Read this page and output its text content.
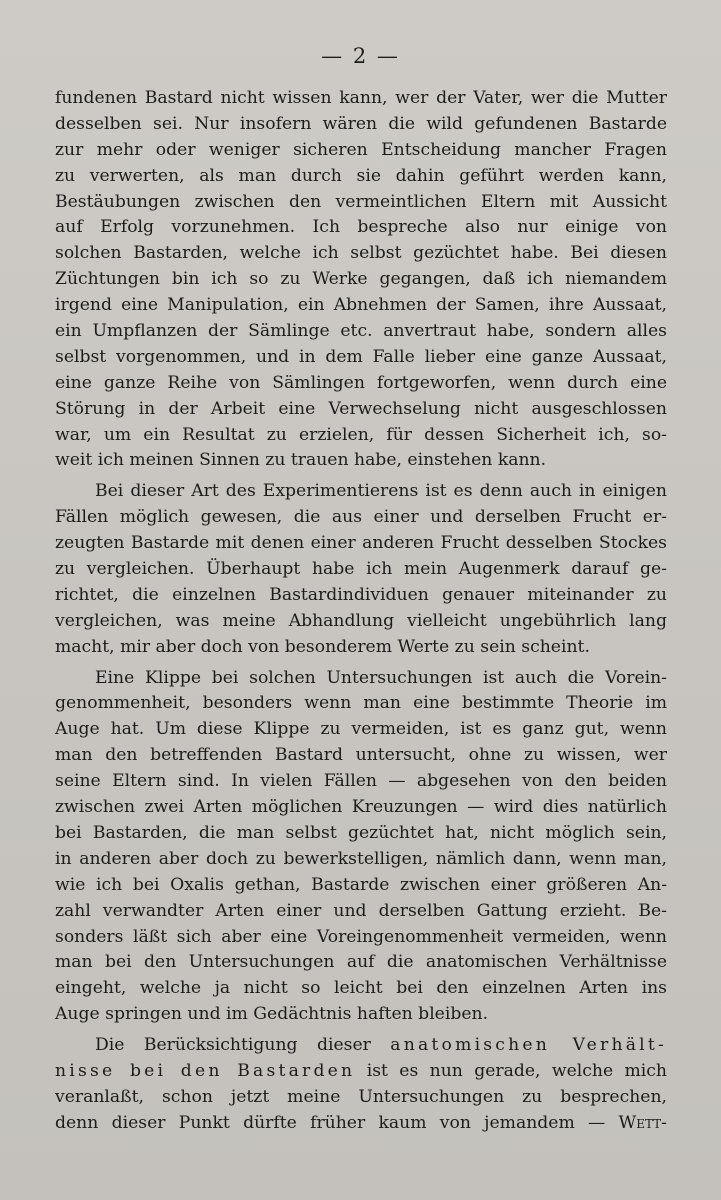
— 2 —
fundenen Bastard nicht wissen kann, wer der Vater, wer die Mutter
desselben sei. Nur insofern wären die wild gefundenen Bastarde
zur mehr oder weniger sicheren Entscheidung mancher Fragen
zu verwerten, als man durch sie dahin geführt werden kann,
Bestäubungen zwischen den vermeintlichen Eltern mit Aussicht
auf Erfolg vorzunehmen. Ich bespreche also nur einige von
solchen Bastarden, welche ich selbst gezüchtet habe. Bei diesen
Züchtungen bin ich so zu Werke gegangen, daß ich niemandem
irgend eine Manipulation, ein Abnehmen der Samen, ihre Aussaat,
ein Umpflanzen der Sämlinge etc. anvertraut habe, sondern alles
selbst vorgenommen, und in dem Falle lieber eine ganze Aussaat,
eine ganze Reihe von Sämlingen fortgeworfen, wenn durch eine
Störung in der Arbeit eine Verwechselung nicht ausgeschlossen
war, um ein Resultat zu erzielen, für dessen Sicherheit ich, so-
weit ich meinen Sinnen zu trauen habe, einstehen kann.
Bei dieser Art des Experimentierens ist es denn auch in einigen
Fällen möglich gewesen, die aus einer und derselben Frucht er-
zeugten Bastarde mit denen einer anderen Frucht desselben Stockes
zu vergleichen. Überhaupt habe ich mein Augenmerk darauf ge-
richtet, die einzelnen Bastardindividuen genauer miteinander zu
vergleichen, was meine Abhandlung vielleicht ungebührlich lang
macht, mir aber doch von besonderem Werte zu sein scheint.
Eine Klippe bei solchen Untersuchungen ist auch die Vorein-
genommenheit, besonders wenn man eine bestimmte Theorie im
Auge hat. Um diese Klippe zu vermeiden, ist es ganz gut, wenn
man den betreffenden Bastard untersucht, ohne zu wissen, wer
seine Eltern sind. In vielen Fällen — abgesehen von den beiden
zwischen zwei Arten möglichen Kreuzungen — wird dies natürlich
bei Bastarden, die man selbst gezüchtet hat, nicht möglich sein,
in anderen aber doch zu bewerkstelligen, nämlich dann, wenn man,
wie ich bei Oxalis gethan, Bastarde zwischen einer größeren An-
zahl verwandter Arten einer und derselben Gattung erzieht. Be-
sonders läßt sich aber eine Voreingenommenheit vermeiden, wenn
man bei den Untersuchungen auf die anatomischen Verhältnisse
eingeht, welche ja nicht so leicht bei den einzelnen Arten ins
Auge springen und im Gedächtnis haften bleiben.
Die Berücksichtigung dieser anatomischen Verhält-
nisse bei den Bastarden ist es nun gerade, welche mich
veranlaßt, schon jetzt meine Untersuchungen zu besprechen,
denn dieser Punkt dürfte früher kaum von jemandem — Wett-
